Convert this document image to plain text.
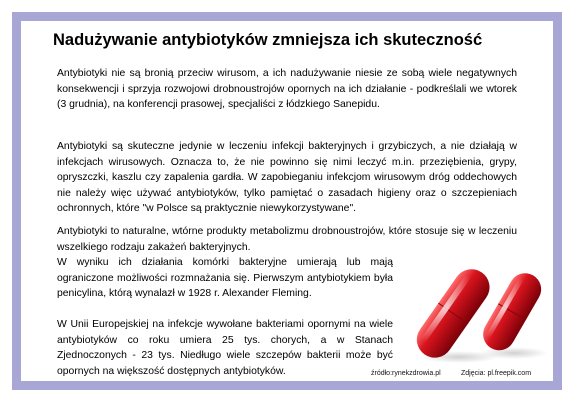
Nadużywanie antybiotyków zmniejsza ich skuteczność

Antybiotyki nie są bronią przeciw wirusom, a ich nadużywanie niesie ze sobą wiele negatywnych konsekwencji i sprzyja rozwojowi drobnoustrojów opornych na ich działanie - podkreślali we wtorek (3 grudnia), na konferencji prasowej, specjaliści z łódzkiego Sanepidu.

Antybiotyki są skuteczne jedynie w leczeniu infekcji bakteryjnych i grzybiczych, a nie działają w infekcjach wirusowych. Oznacza to, że nie powinno się nimi leczyć m.in. przeziębienia, grypy, opryszczki, kaszlu czy zapalenia gardła. W zapobieganiu infekcjom wirusowym dróg oddechowych nie należy więc używać antybiotyków, tylko pamiętać o zasadach higieny oraz o szczepieniach ochronnych, które "w Polsce są praktycznie niewykorzystywane".

Antybiotyki to naturalne, wtórne produkty metabolizmu drobnoustrojów, które stosuje się w leczeniu wszelkiego rodzaju zakażeń bakteryjnych.
W wyniku ich działania komórki bakteryjne umierają lub mają ograniczone możliwości rozmnażania się. Pierwszym antybiotykiem była penicylina, którą wynalazł w 1928 r. Alexander Fleming.

W Unii Europejskiej na infekcje wywołane bakteriami opornymi na wiele antybiotyków co roku umiera 25 tys. chorych, a w Stanach Zjednoczonych - 23 tys. Niedługo wiele szczepów bakterii może być opornych na większość dostępnych antybiotyków.	źródło:rynekzdrowia.pl	Zdjęcia: pl.freepik.com
